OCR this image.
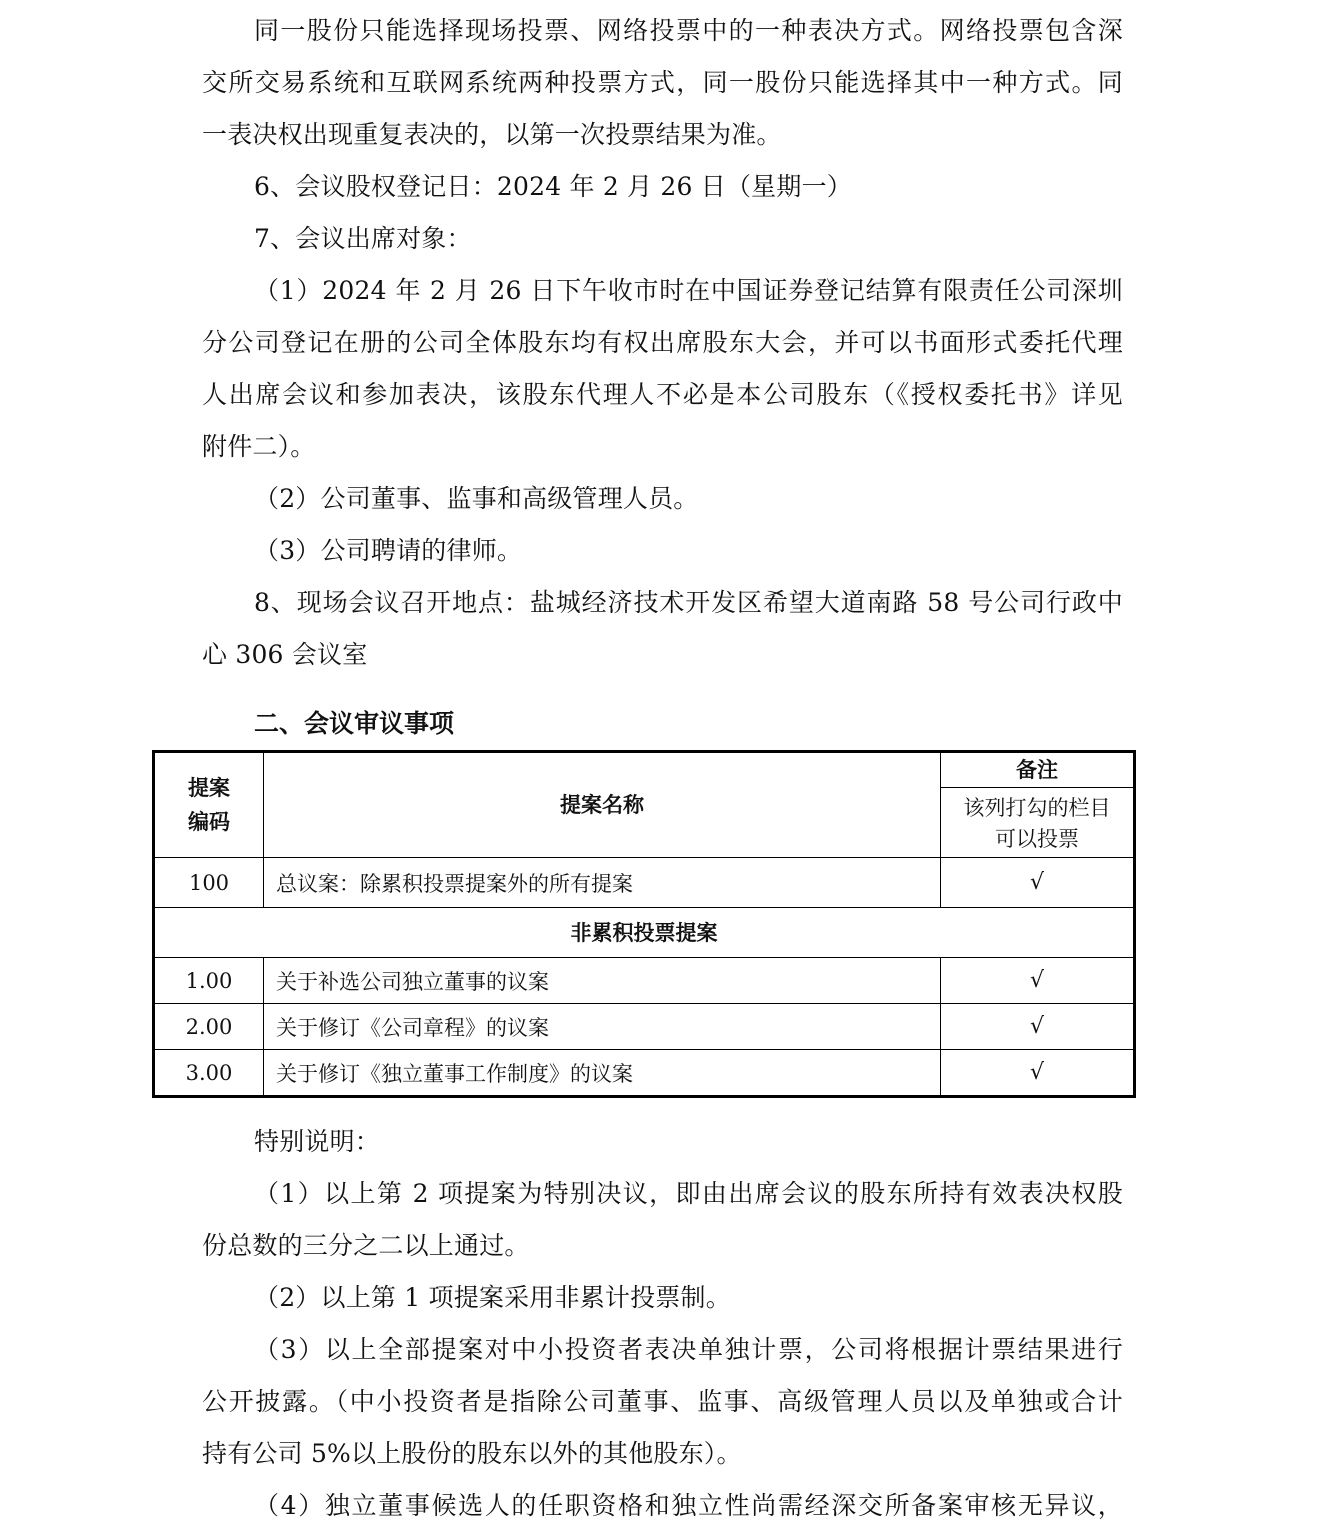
同一股份只能选择现场投票、网络投票中的一种表决方式。网络投票包含深
交所交易系统和互联网系统两种投票方式，同一股份只能选择其中一种方式。同
一表决权出现重复表决的，以第一次投票结果为准。
6、会议股权登记日：2024 年 2 月 26 日（星期一）
7、会议出席对象：
（1）2024 年 2 月 26 日下午收市时在中国证券登记结算有限责任公司深圳
分公司登记在册的公司全体股东均有权出席股东大会，并可以书面形式委托代理
人出席会议和参加表决，该股东代理人不必是本公司股东（《授权委托书》详见
附件二）。
（2）公司董事、监事和高级管理人员。
（3）公司聘请的律师。
8、现场会议召开地点：盐城经济技术开发区希望大道南路 58 号公司行政中
心 306 会议室
二、会议审议事项
提案
编码	提案名称	备注
		该列打勾的栏目
可以投票
100	总议案：除累积投票提案外的所有提案	√
非累积投票提案		
1.00	关于补选公司独立董事的议案	√
2.00	关于修订《公司章程》的议案	√
3.00	关于修订《独立董事工作制度》的议案	√
特别说明：
（1）以上第 2 项提案为特别决议，即由出席会议的股东所持有效表决权股
份总数的三分之二以上通过。
（2）以上第 1 项提案采用非累计投票制。
（3）以上全部提案对中小投资者表决单独计票，公司将根据计票结果进行
公开披露。（中小投资者是指除公司董事、监事、高级管理人员以及单独或合计
持有公司 5%以上股份的股东以外的其他股东）。
（4）独立董事候选人的任职资格和独立性尚需经深交所备案审核无异议，
